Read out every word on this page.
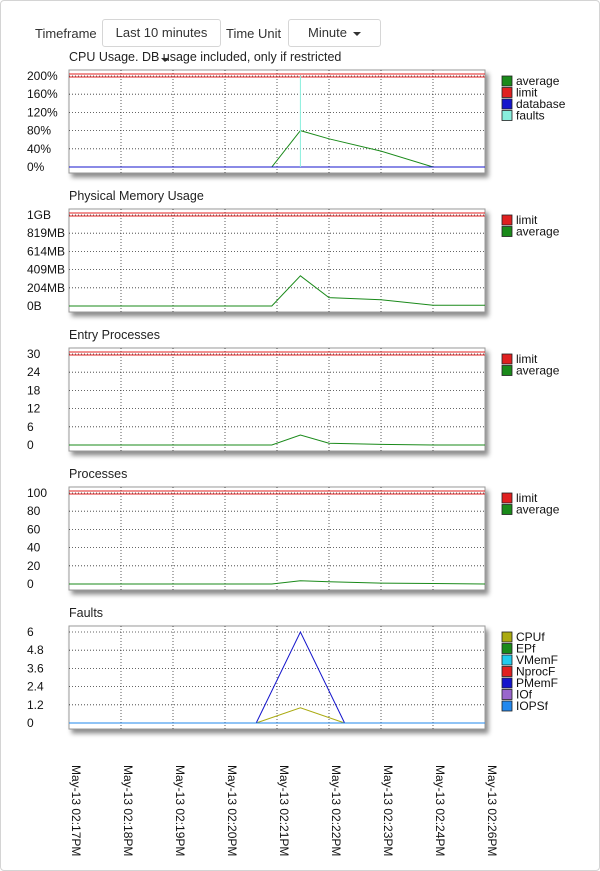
Timeframe	Last 10 minutes	Time Unit	Minute
CPU Usage. DB usage included, only if restricted
200%
160%
120%
80%
40%
0%
average
limit
database
faults
Physical Memory Usage
1GB
819MB
614MB
409MB
204MB
0B
limit
average
Entry Processes
30
24
18
12
6
0
limit
average
Processes
100
80
60
40
20
0
limit
average
Faults
6
4.8
3.6
2.4
1.2
0
CPUf
EPf
VMemF
NprocF
PMemF
IOf
IOPSf
May-13 02:17PM	May-13 02:18PM	May-13 02:19PM	May-13 02:20PM	May-13 02:21PM	May-13 02:22PM	May-13 02:23PM	May-13 02:24PM	May-13 02:26PM
